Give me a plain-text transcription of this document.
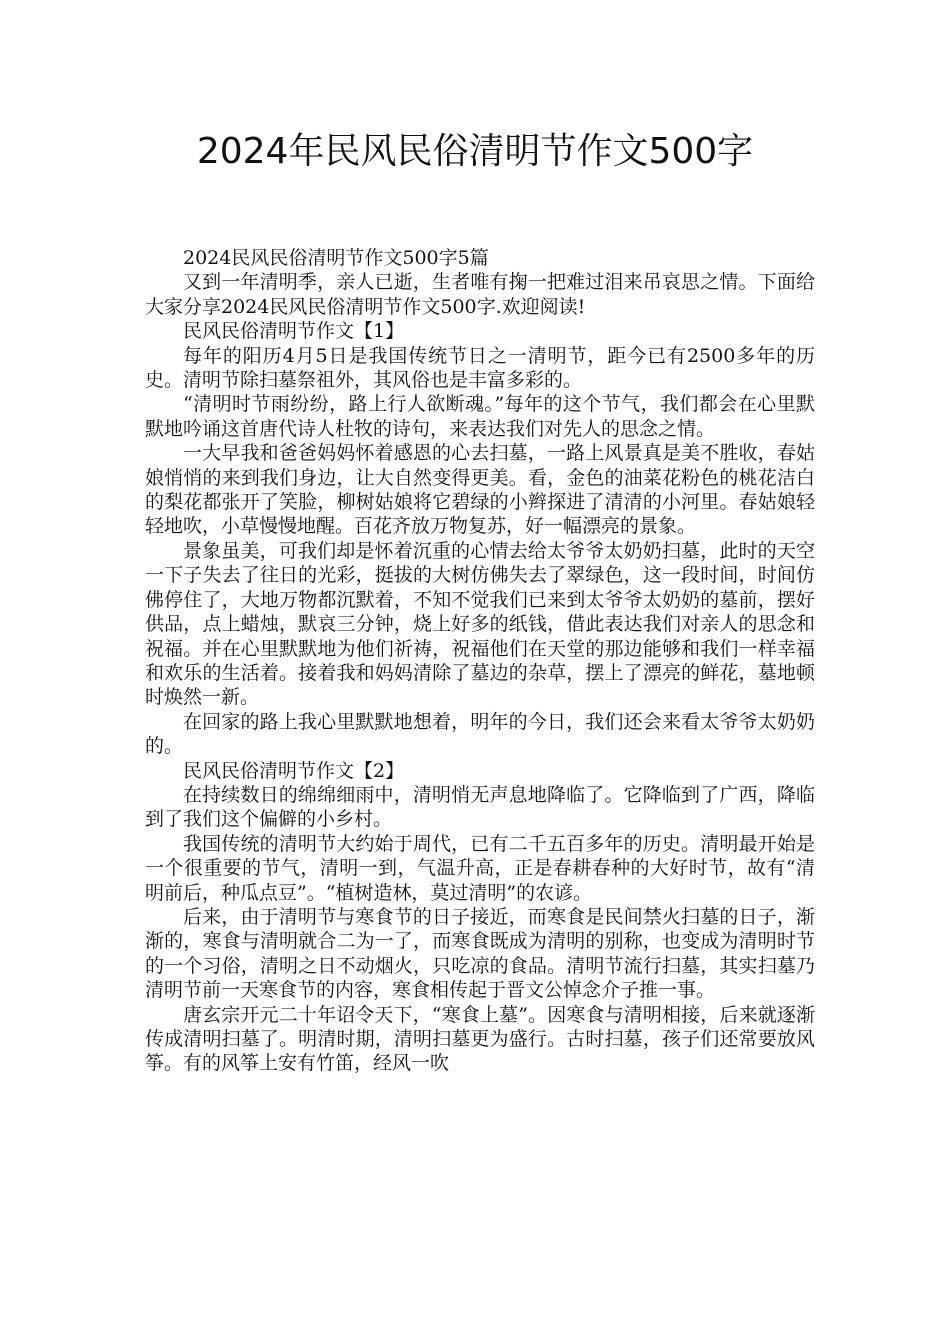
2024年民风民俗清明节作文500字

2024民风民俗清明节作文500字5篇

又到一年清明季，亲人已逝，生者唯有掬一把难过泪来吊哀思之情。下面给大家分享2024民风民俗清明节作文500字.欢迎阅读!

民风民俗清明节作文【1】

每年的阳历4月5日是我国传统节日之一清明节，距今已有2500多年的历史。清明节除扫墓祭祖外，其风俗也是丰富多彩的。

“清明时节雨纷纷，路上行人欲断魂。”每年的这个节气，我们都会在心里默默地吟诵这首唐代诗人杜牧的诗句，来表达我们对先人的思念之情。

一大早我和爸爸妈妈怀着感恩的心去扫墓，一路上风景真是美不胜收，春姑娘悄悄的来到我们身边，让大自然变得更美。看，金色的油菜花粉色的桃花洁白的梨花都张开了笑脸，柳树姑娘将它碧绿的小辫探进了清清的小河里。春姑娘轻轻地吹，小草慢慢地醒。百花齐放万物复苏，好一幅漂亮的景象。

景象虽美，可我们却是怀着沉重的心情去给太爷爷太奶奶扫墓，此时的天空一下子失去了往日的光彩，挺拔的大树仿佛失去了翠绿色，这一段时间，时间仿佛停住了，大地万物都沉默着，不知不觉我们已来到太爷爷太奶奶的墓前，摆好供品，点上蜡烛，默哀三分钟，烧上好多的纸钱，借此表达我们对亲人的思念和祝福。并在心里默默地为他们祈祷，祝福他们在天堂的那边能够和我们一样幸福和欢乐的生活着。接着我和妈妈清除了墓边的杂草，摆上了漂亮的鲜花，墓地顿时焕然一新。

在回家的路上我心里默默地想着，明年的今日，我们还会来看太爷爷太奶奶的。

民风民俗清明节作文【2】

在持续数日的绵绵细雨中，清明悄无声息地降临了。它降临到了广西，降临到了我们这个偏僻的小乡村。

我国传统的清明节大约始于周代，已有二千五百多年的历史。清明最开始是一个很重要的节气，清明一到，气温升高，正是春耕春种的大好时节，故有“清明前后，种瓜点豆”。“植树造林，莫过清明”的农谚。

后来，由于清明节与寒食节的日子接近，而寒食是民间禁火扫墓的日子，渐渐的，寒食与清明就合二为一了，而寒食既成为清明的别称，也变成为清明时节的一个习俗，清明之日不动烟火，只吃凉的食品。清明节流行扫墓，其实扫墓乃清明节前一天寒食节的内容，寒食相传起于晋文公悼念介子推一事。

唐玄宗开元二十年诏令天下，“寒食上墓”。因寒食与清明相接，后来就逐渐传成清明扫墓了。明清时期，清明扫墓更为盛行。古时扫墓，孩子们还常要放风筝。有的风筝上安有竹笛，经风一吹
